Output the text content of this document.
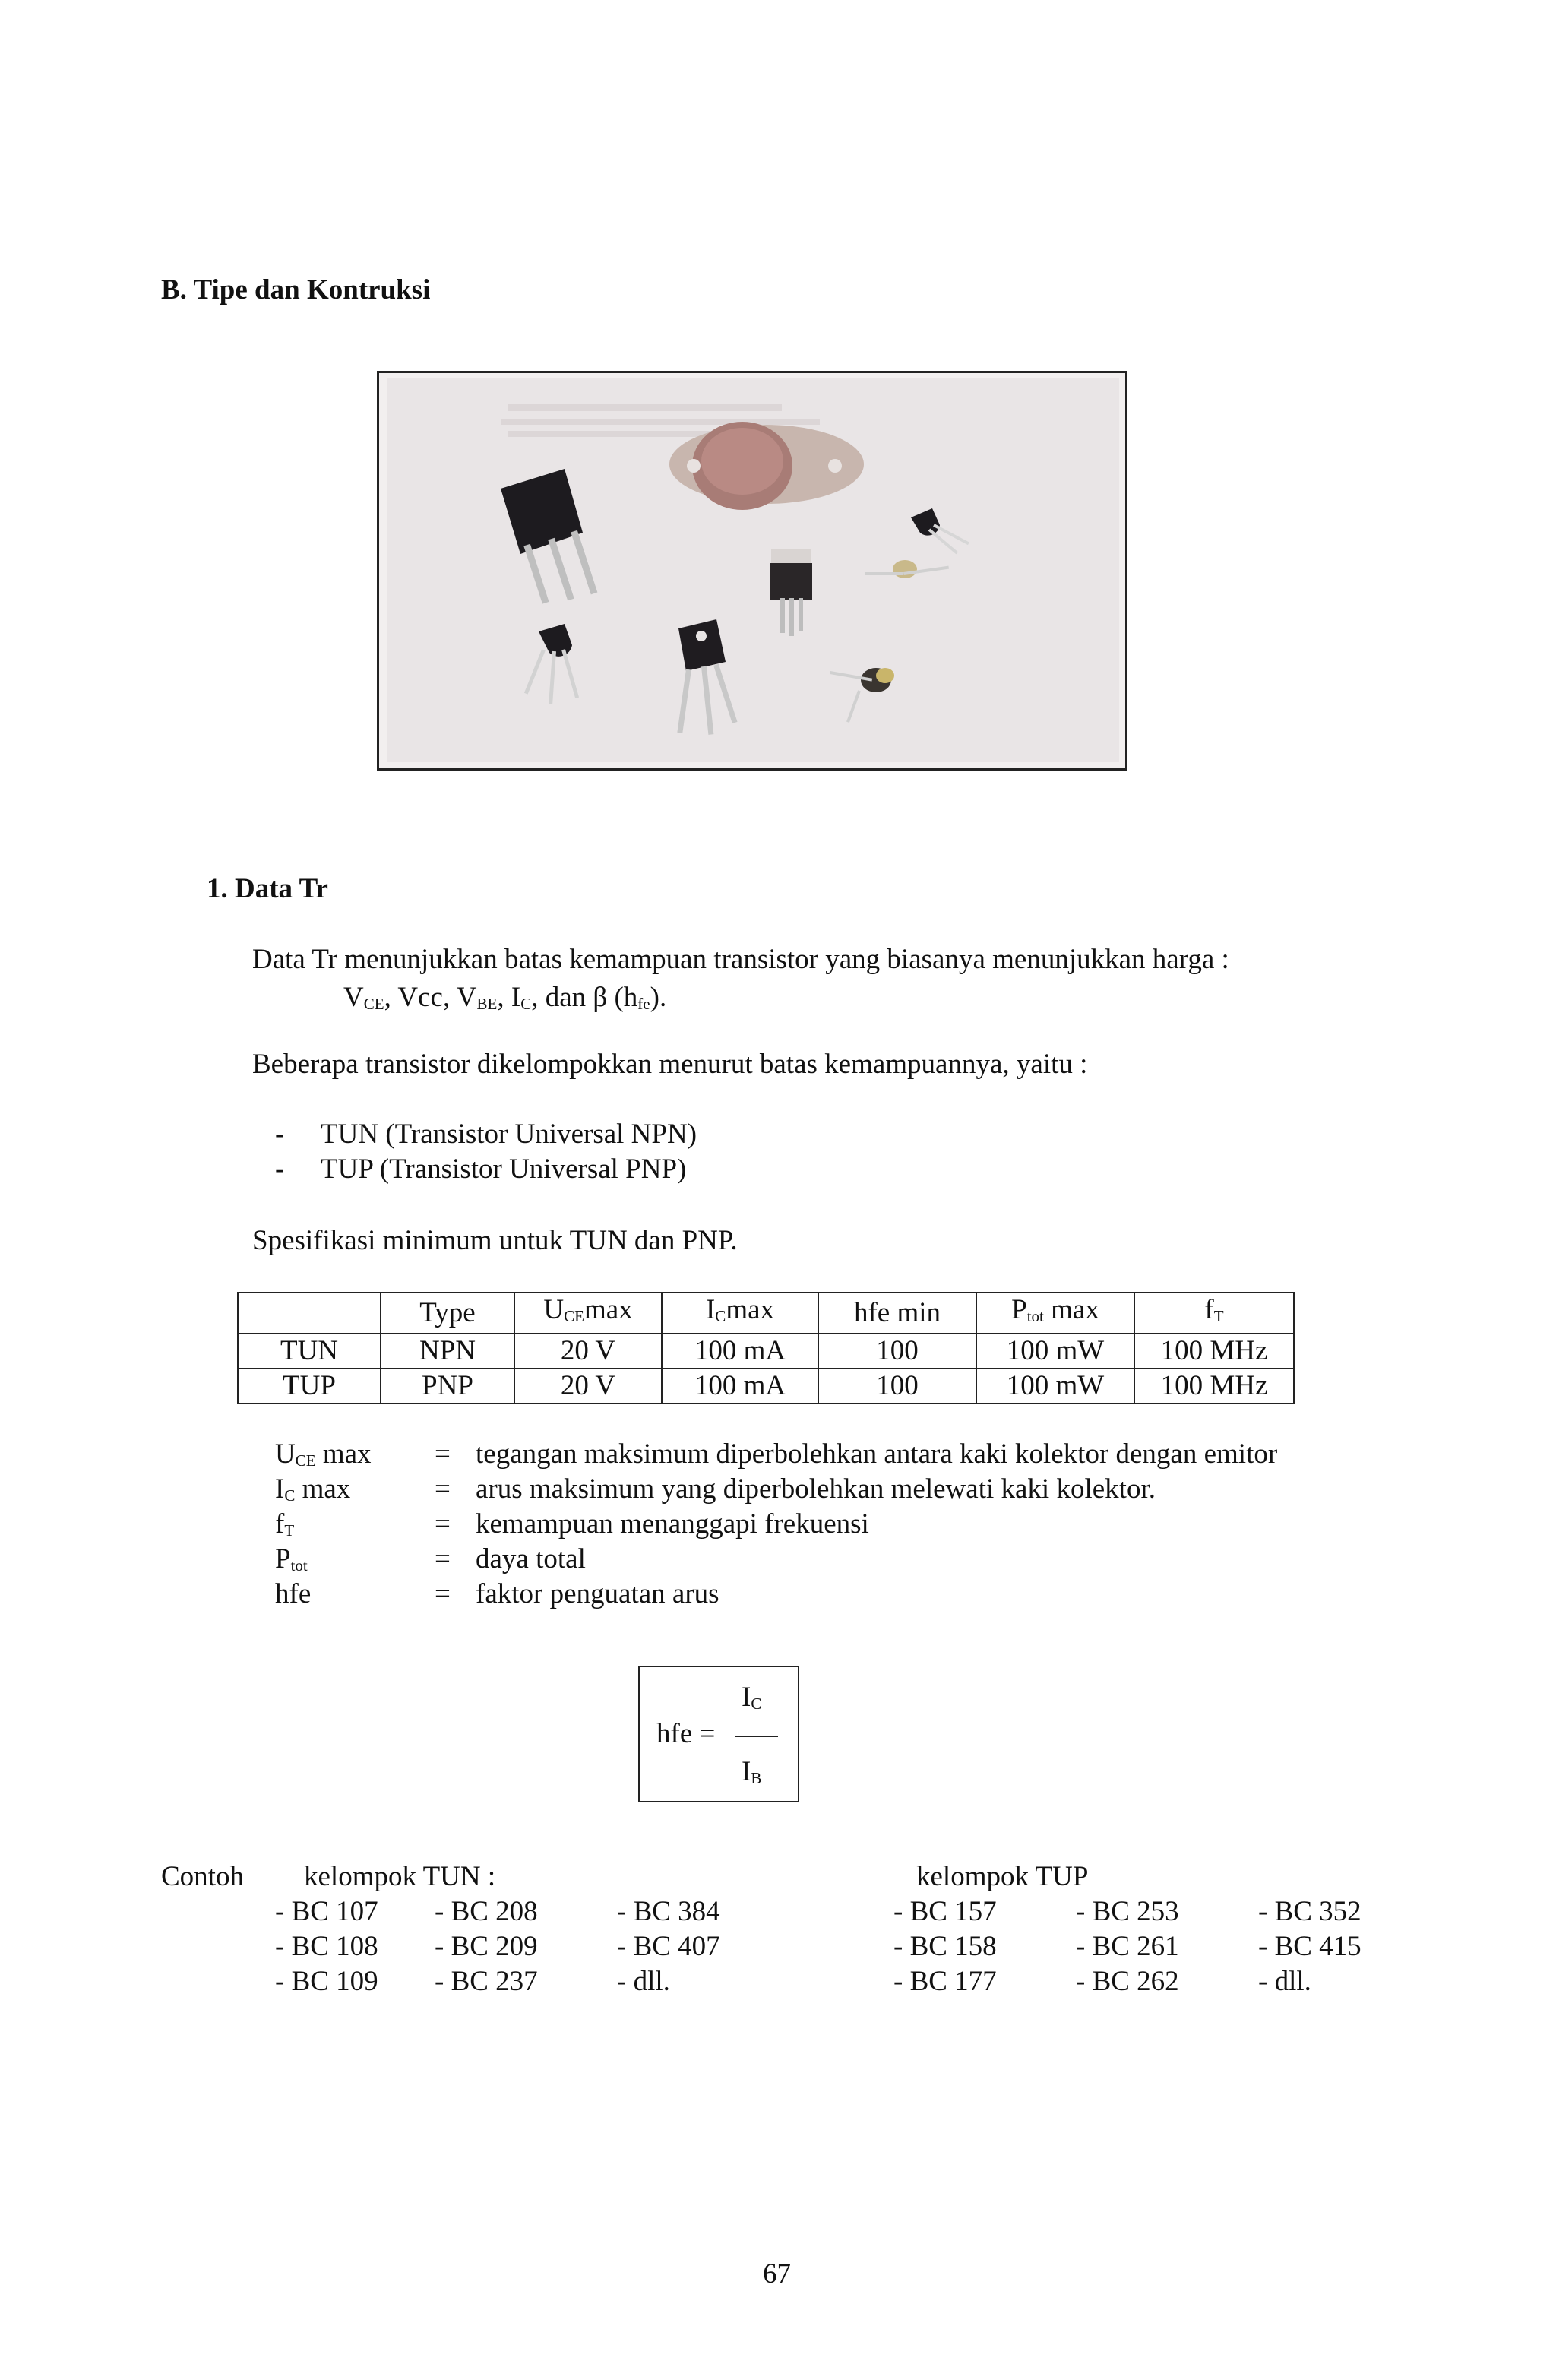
B. Tipe dan Kontruksi
1. Data Tr
Data Tr menunjukkan batas kemampuan transistor yang biasanya menunjukkan harga :
$V_{CE}$, Vcc, $V_{BE}$, $I_C$, dan β $(h_{fe})$.
Beberapa transistor dikelompokkan menurut batas kemampuannya, yaitu :
- TUN (Transistor Universal NPN)
- TUP (Transistor Universal PNP)
Spesifikasi minimum untuk TUN dan PNP.
	Type	$U_{CE}\max$	$I_C\max$	hfe min	$P_{tot}$ max	$f_T$
TUN	NPN	20 V	100 mA	100	100 mW	100 MHz
TUP	PNP	20 V	100 mA	100	100 mW	100 MHz
$U_{CE}$ max = tegangan maksimum diperbolehkan antara kaki kolektor dengan emitor
$I_C$ max	= arus maksimum yang diperbolehkan melewati kaki kolektor.
$f_T$	= kemampuan menanggapi frekuensi
$P_{tot}$	= daya total
hfe	= faktor penguatan arus
hfe =
$I_C$
$I_B$
Contoh kelompok TUN :	kelompok TUP
- BC 107 - BC 208	- BC 384
- BC 108 - BC 209	- BC 407
- BC 109 - BC 237	- dll.
- BC 157	- BC 253	- BC 352
- BC 158	- BC 261	- BC 415
- BC 177	- BC 262	- dll.
67
